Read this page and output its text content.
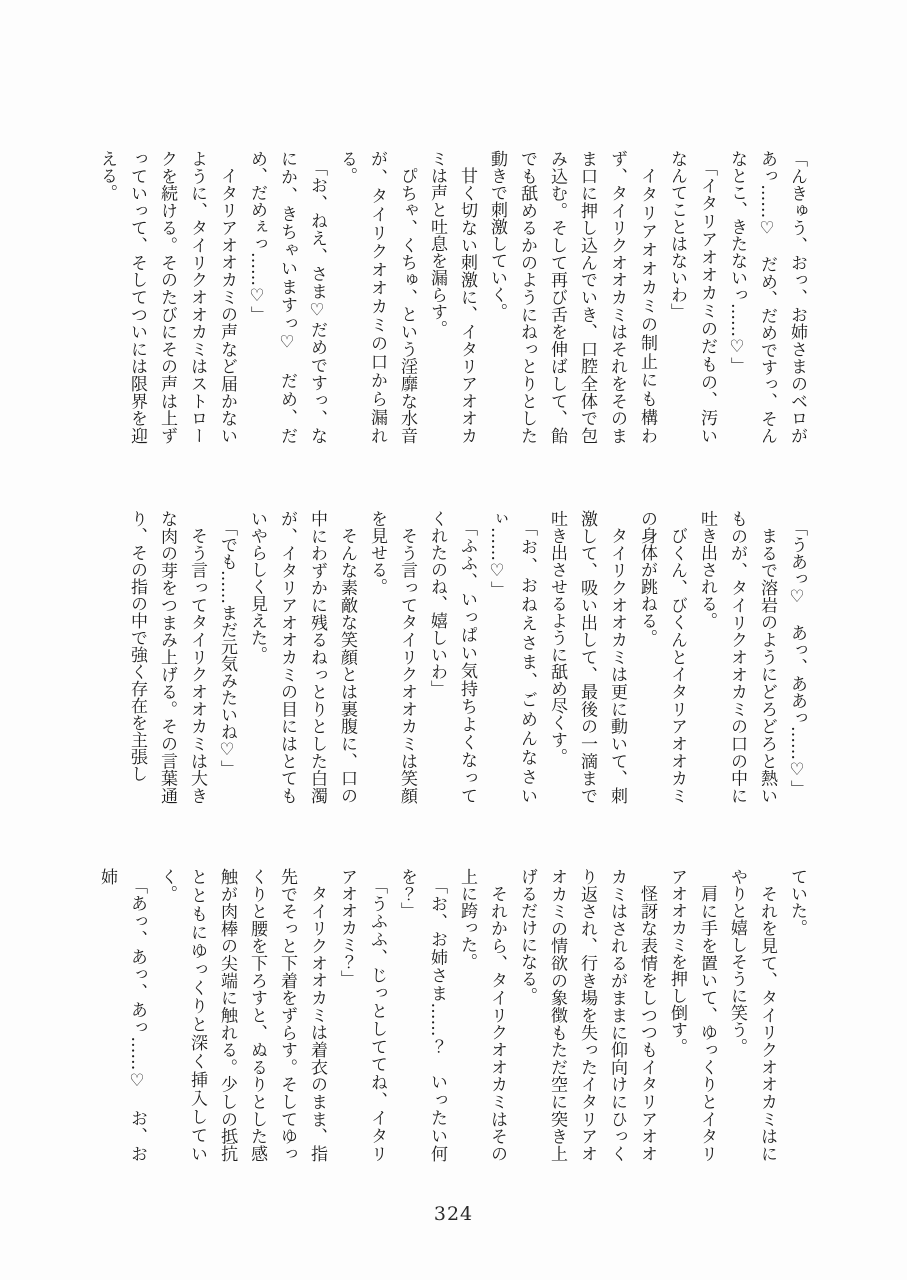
「んきゅう、おっ、お姉さまのベロがあっ……♡　だめ、だめですっ、そんなとこ、きたないっ……♡」

「イタリアオオカミのだもの、汚いなんてことはないわ」

イタリアオオカミの制止にも構わず、タイリクオオカミはそれをそのまま口に押し込んでいき、口腔全体で包み込む。そして再び舌を伸ばして、飴でも舐めるかのようにねっとりとした動きで刺激していく。

甘く切ない刺激に、イタリアオオカミは声と吐息を漏らす。

ぴちゃ、くちゅ、という淫靡な水音が、タイリクオオカミの口から漏れる。

「お、ねえ、さま♡だめですっ、なにか、きちゃいますっ♡　だめ、だめ、だめぇっ……♡」

イタリアオオカミの声など届かないように、タイリクオオカミはストロークを続ける。そのたびにその声は上ずっていって、そしてついには限界を迎える。

「うあっ♡　あっ、ああっ……♡」

まるで溶岩のようにどろどろと熱いものが、タイリクオオカミの口の中に吐き出される。

びくん、びくんとイタリアオオカミの身体が跳ねる。

タイリクオオカミは更に動いて、刺激して、吸い出して、最後の一滴まで吐き出させるように舐め尽くす。

「お、おねえさま、ごめんなさいぃ……♡」

「ふふ、いっぱい気持ちよくなってくれたのね、嬉しいわ」

そう言ってタイリクオオカミは笑顔を見せる。

そんな素敵な笑顔とは裏腹に、口の中にわずかに残るねっとりとした白濁が、イタリアオオカミの目にはとてもいやらしく見えた。

「でも……まだ元気みたいね♡」

そう言ってタイリクオオカミは大きな肉の芽をつまみ上げる。その言葉通り、その指の中で強く存在を主張し

ていた。

それを見て、タイリクオオカミはにやりと嬉しそうに笑う。

肩に手を置いて、ゆっくりとイタリアオオカミを押し倒す。

怪訝な表情をしつつもイタリアオオカミはされるがままに仰向けにひっくり返され、行き場を失ったイタリアオオカミの情欲の象徴もただ空に突き上げるだけになる。

それから、タイリクオオカミはその上に跨った。

「お、お姉さま……？　いったい何を？」

「うふふ、じっとしててね、イタリアオオカミ？」

タイリクオオカミは着衣のまま、指先でそっと下着をずらす。そしてゆっくりと腰を下ろすと、ぬるりとした感触が肉棒の尖端に触れる。少しの抵抗とともにゆっくりと深く挿入していく。

「あっ、あっ、あっ……♡　お、お姉

324
